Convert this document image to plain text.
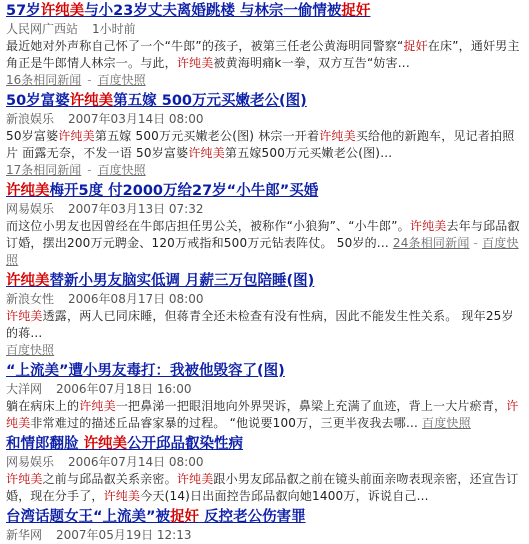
57岁许纯美与小23岁丈夫离婚跳楼 与林宗一偷情被捉奸
人民网广西站 1小时前
最近她对外声称自己怀了一个“牛郎”的孩子，被第三任老公黄海明同警察“捉奸在床”，通奸男主角正是牛郎情人林宗一。与此，许纯美被黄海明痛k一拳，双方互告“妨害...
16条相同新闻 - 百度快照
50岁富婆许纯美第五嫁 500万元买嫩老公(图)
新浪娱乐 2007年03月14日 08:00
50岁富婆许纯美第五嫁 500万元买嫩老公(图) 林宗一开着许纯美买给他的新跑车，见记者拍照片 面露无奈，不发一语 50岁富婆许纯美第五嫁500万元买嫩老公(图)...
17条相同新闻 - 百度快照
许纯美梅开5度 付2000万给27岁“小牛郎”买婚
网易娱乐 2007年03月13日 07:32
而这位小男友也因曾经在牛郎店担任男公关，被称作“小狼狗”、“小牛郎”。许纯美去年与邱品叡订婚，摆出200万元聘金、120万戒指和500万元钻表阵仗。 50岁的... 24条相同新闻 - 百度快照
许纯美替新小男友脑实低调 月薪三万包陪睡(图)
新浪女性 2006年08月17日 08:00
许纯美透露，两人已同床睡，但蒋青全还未检查有没有性病，因此不能发生性关系。 现年25岁的蒋...
百度快照
“上流美”遭小男友毒打：我被他毁容了(图)
大洋网 2006年07月18日 16:00
躺在病床上的许纯美一把鼻涕一把眼泪地向外界哭诉，鼻梁上充满了血迹，背上一大片瘀青，许纯美非常难过的描述丘品睿家暴的过程。 “他说要100万，三更半夜我去哪... 百度快照
和情郎翻脸 许纯美公开邱品叡染性病
网易娱乐 2006年07月14日 08:00
许纯美之前与邱品叡关系亲密。许纯美跟小男友邱品叡之前在镜头前面亲吻表现亲密，还宣告订婚，现在分手了，许纯美今天(14)日出面控告邱品叡向她1400万，诉说自己...
台湾话题女王“上流美”被捉奸 反控老公伤害罪
新华网 2007年05月19日 12:13
